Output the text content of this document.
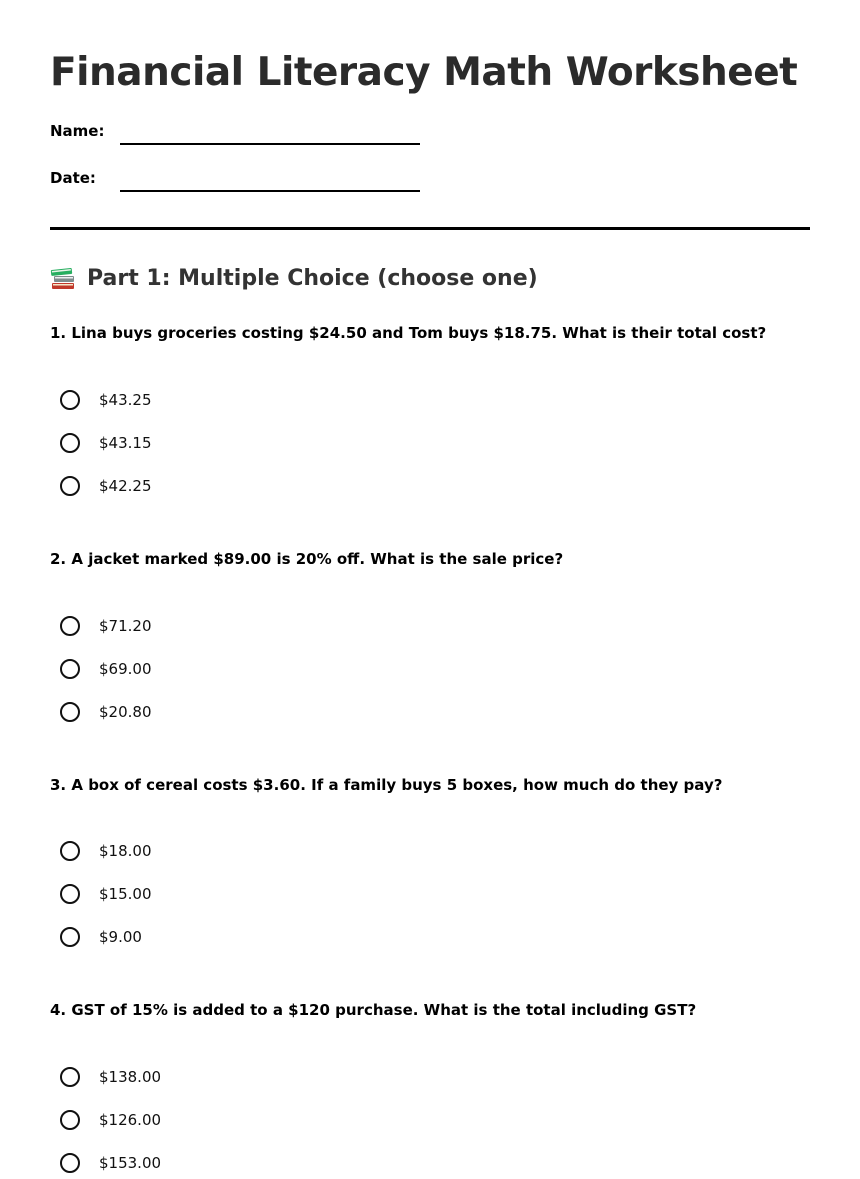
Financial Literacy Math Worksheet
Name:
Date:
Part 1: Multiple Choice (choose one)
1. Lina buys groceries costing $24.50 and Tom buys $18.75. What is their total cost?
$43.25
$43.15
$42.25
2. A jacket marked $89.00 is 20% off. What is the sale price?
$71.20
$69.00
$20.80
3. A box of cereal costs $3.60. If a family buys 5 boxes, how much do they pay?
$18.00
$15.00
$9.00
4. GST of 15% is added to a $120 purchase. What is the total including GST?
$138.00
$126.00
$153.00
